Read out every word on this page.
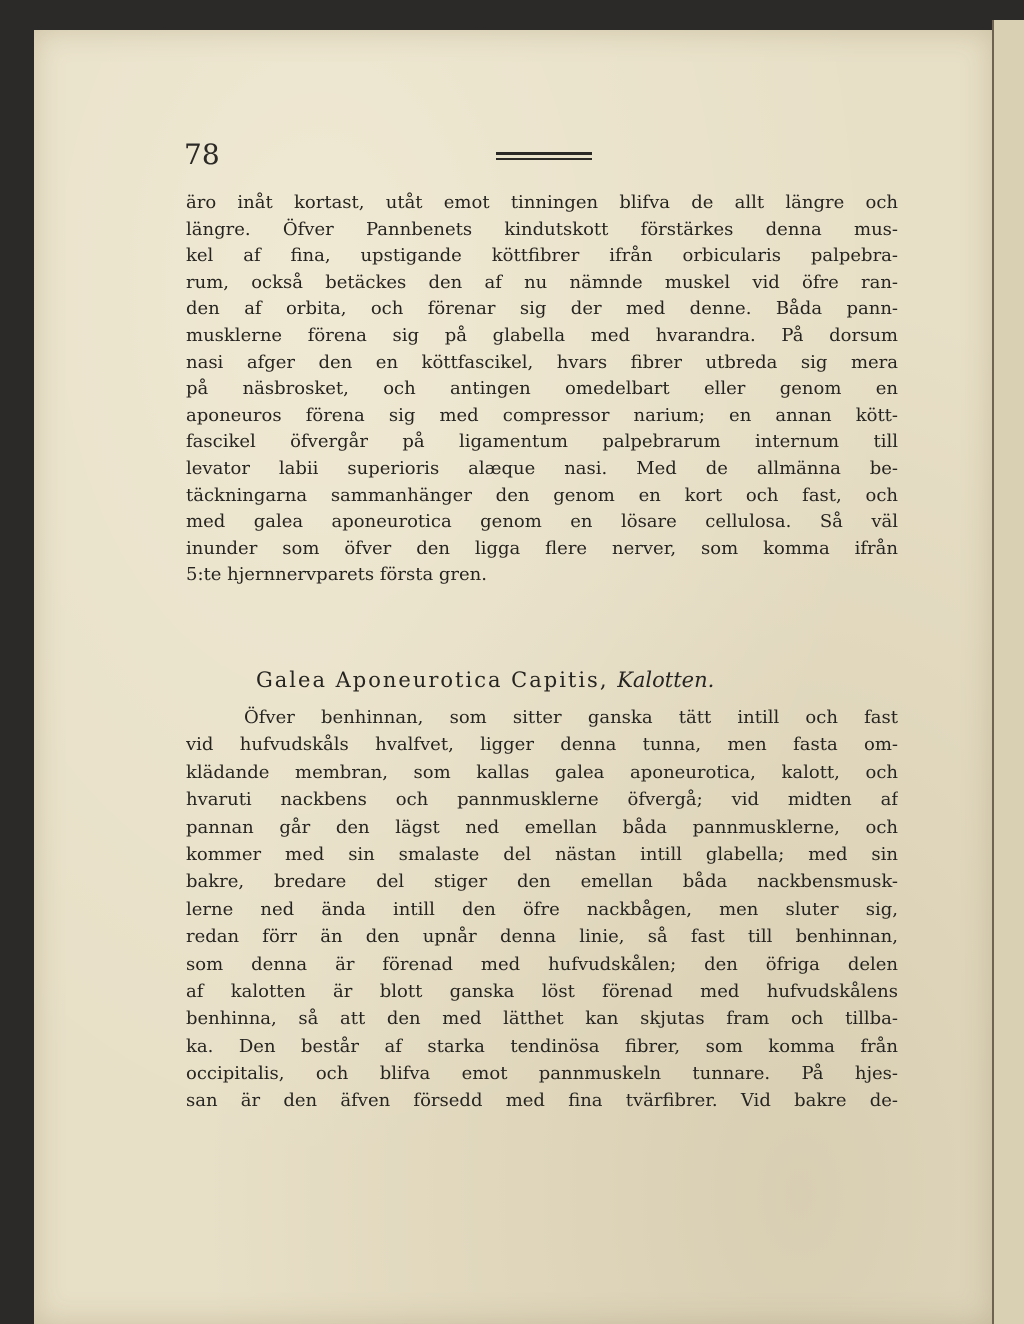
78
äro inåt kortast, utåt emot tinningen blifva de allt längre och
längre. Öfver Pannbenets kindutskott förstärkes denna mus-
kel af fina, upstigande köttfibrer ifrån orbicularis palpebra-
rum, också betäckes den af nu nämnde muskel vid öfre ran-
den af orbita, och förenar sig der med denne. Båda pann-
musklerne förena sig på glabella med hvarandra. På dorsum
nasi afger den en köttfascikel, hvars fibrer utbreda sig mera
på näsbrosket, och antingen omedelbart eller genom en
aponeuros förena sig med compressor narium; en annan kött-
fascikel öfvergår på ligamentum palpebrarum internum till
levator labii superioris alæque nasi. Med de allmänna be-
täckningarna sammanhänger den genom en kort och fast, och
med galea aponeurotica genom en lösare cellulosa. Så väl
inunder som öfver den ligga flere nerver, som komma ifrån
5:te hjernnervparets första gren.
Galea Aponeurotica Capitis, Kalotten.
Öfver benhinnan, som sitter ganska tätt intill och fast
vid hufvudskåls hvalfvet, ligger denna tunna, men fasta om-
klädande membran, som kallas galea aponeurotica, kalott, och
hvaruti nackbens och pannmusklerne öfvergå; vid midten af
pannan går den lägst ned emellan båda pannmusklerne, och
kommer med sin smalaste del nästan intill glabella; med sin
bakre, bredare del stiger den emellan båda nackbensmusk-
lerne ned ända intill den öfre nackbågen, men sluter sig,
redan förr än den upnår denna linie, så fast till benhinnan,
som denna är förenad med hufvudskålen; den öfriga delen
af kalotten är blott ganska löst förenad med hufvudskålens
benhinna, så att den med lätthet kan skjutas fram och tillba-
ka. Den består af starka tendinösa fibrer, som komma från
occipitalis, och blifva emot pannmuskeln tunnare. På hjes-
san är den äfven försedd med fina tvärfibrer. Vid bakre de-
